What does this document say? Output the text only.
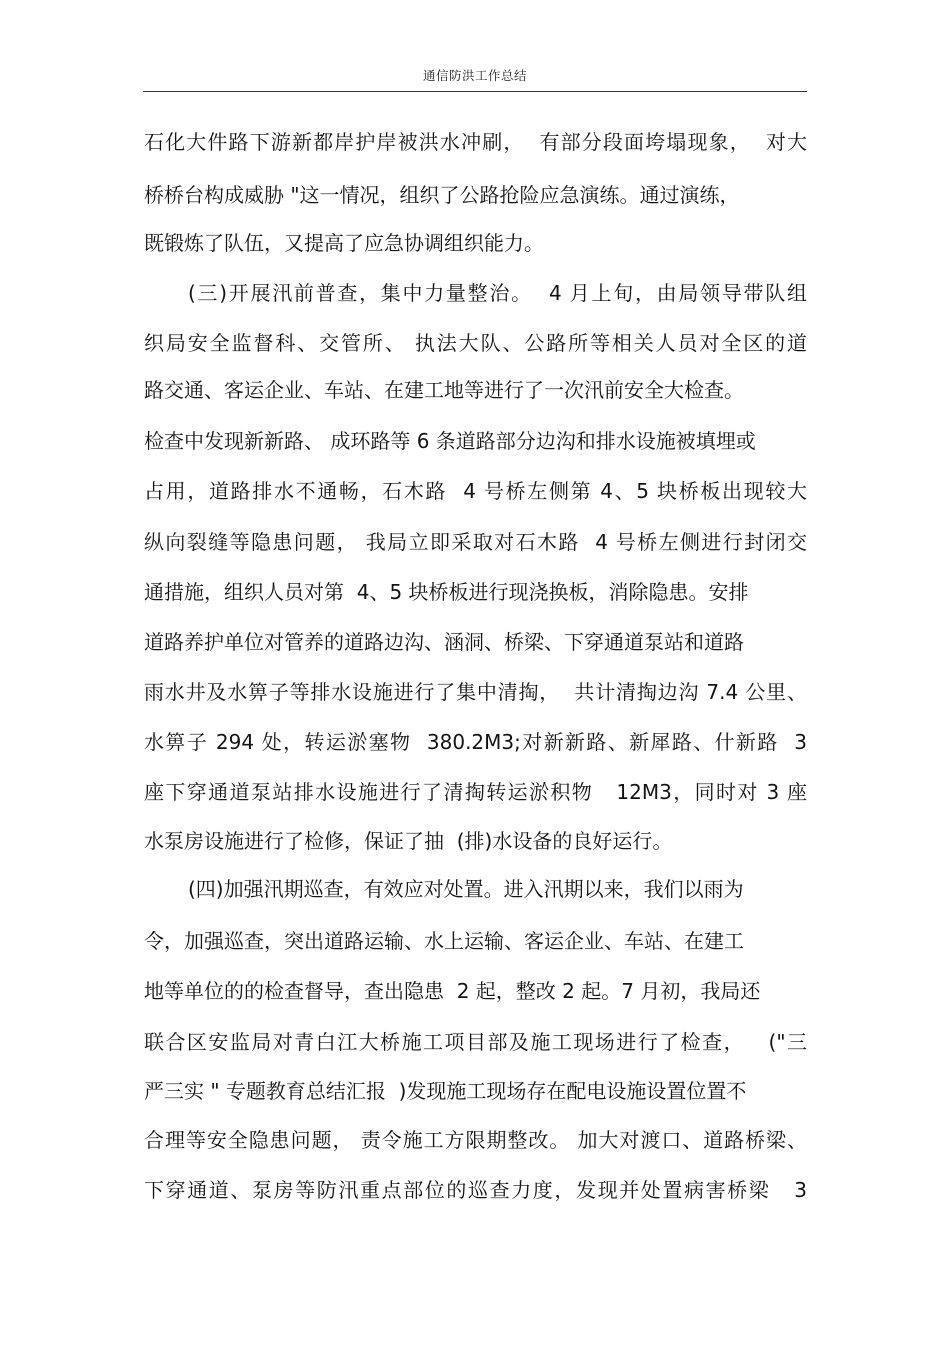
通信防洪工作总结
石化大件路下游新都岸护岸被洪水冲刷，  有部分段面垮塌现象，  对大
桥桥台构成威胁 "这一情况，组织了公路抢险应急演练。通过演练，
既锻炼了队伍，又提高了应急协调组织能力。
(三)开展汛前普查，集中力量整治。  4 月上旬，由局领导带队组
织局安全监督科、交管所、 执法大队、公路所等相关人员对全区的道
路交通、客运企业、车站、在建工地等进行了一次汛前安全大检查。
检查中发现新新路、 成环路等 6 条道路部分边沟和排水设施被填埋或
占用，道路排水不通畅，石木路  4 号桥左侧第 4、5 块桥板出现较大
纵向裂缝等隐患问题， 我局立即采取对石木路  4 号桥左侧进行封闭交
通措施，组织人员对第  4、5 块桥板进行现浇换板，消除隐患。安排
道路养护单位对管养的道路边沟、涵洞、桥梁、下穿通道泵站和道路
雨水井及水箅子等排水设施进行了集中清掏，  共计清掏边沟 7.4 公里、
水箅子 294 处，转运淤塞物  380.2M3;对新新路、新犀路、什新路  3
座下穿通道泵站排水设施进行了清掏转运淤积物   12M3，同时对 3 座
水泵房设施进行了检修，保证了抽  (排)水设备的良好运行。
(四)加强汛期巡查，有效应对处置。进入汛期以来，我们以雨为
令，加强巡查，突出道路运输、水上运输、客运企业、车站、在建工
地等单位的的检查督导，查出隐患  2 起，整改 2 起。7 月初，我局还
联合区安监局对青白江大桥施工项目部及施工现场进行了检查，   ("三
严三实 " 专题教育总结汇报  )发现施工现场存在配电设施设置位置不
合理等安全隐患问题， 责令施工方限期整改。 加大对渡口、道路桥梁、
下穿通道、泵房等防汛重点部位的巡查力度，发现并处置病害桥梁   3
